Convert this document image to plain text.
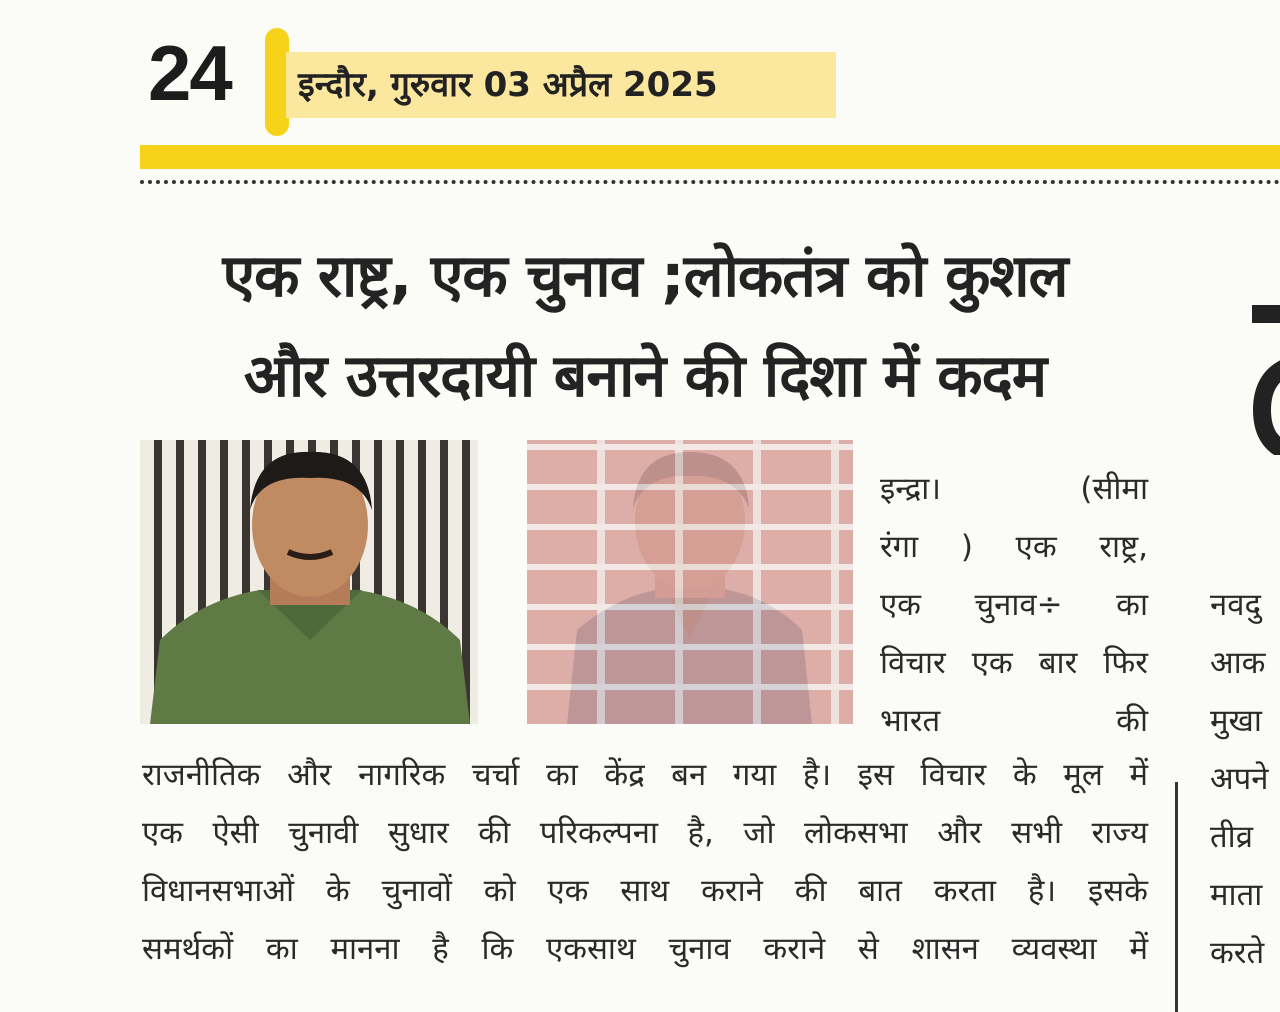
24 इन्दौर, गुरुवार 03 अप्रैल 2025
एक राष्ट्र, एक चुनाव ;लोकतंत्र को कुशल
और उत्तरदायी बनाने की दिशा में कदम

इन्द्रा। (सीमा

रंगा ) एक राष्ट्र,

एक चुनाव÷ का

विचार एक बार फिर

भारत की

राजनीतिक और नागरिक चर्चा का केंद्र बन गया है। इस विचार के मूल में

एक ऐसी चुनावी सुधार की परिकल्पना है, जो लोकसभा और सभी राज्य

विधानसभाओं के चुनावों को एक साथ कराने की बात करता है। इसके

समर्थकों का मानना है कि एकसाथ चुनाव कराने से शासन व्यवस्था में

नवदु

आक

मुखा

अपने

तीव्र

माता

करते
